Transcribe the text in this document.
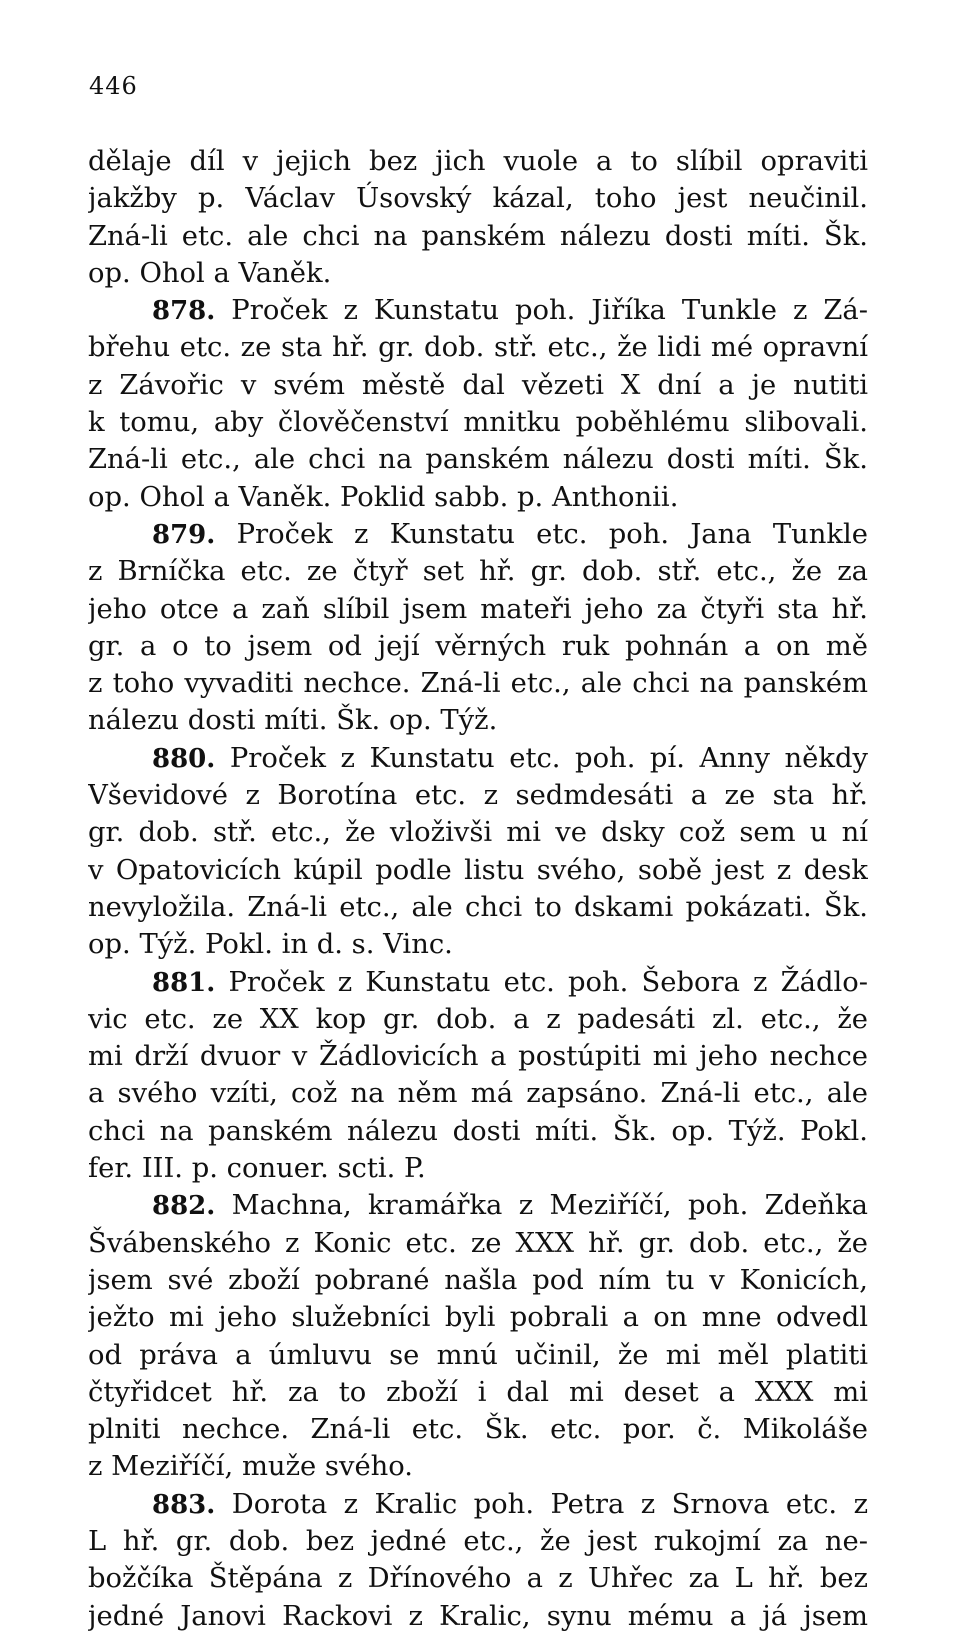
446
dělaje díl v jejich bez jich vuole a to slíbil opraviti
jakžby p. Václav Úsovský kázal, toho jest neučinil.
Zná-li etc. ale chci na panském nálezu dosti míti. Šk.
op. Ohol a Vaněk.
878. Proček z Kunstatu poh. Jiříka Tunkle z Zá-
břehu etc. ze sta hř. gr. dob. stř. etc., že lidi mé opravní
z Závořic v svém městě dal vězeti X dní a je nutiti
k tomu, aby člověčenství mnitku poběhlému slibovali.
Zná-li etc., ale chci na panském nálezu dosti míti. Šk.
op. Ohol a Vaněk. Poklid sabb. p. Anthonii.
879. Proček z Kunstatu etc. poh. Jana Tunkle
z Brníčka etc. ze čtyř set hř. gr. dob. stř. etc., že za
jeho otce a zaň slíbil jsem mateři jeho za čtyři sta hř.
gr. a o to jsem od její věrných ruk pohnán a on mě
z toho vyvaditi nechce. Zná-li etc., ale chci na panském
nálezu dosti míti. Šk. op. Týž.
880. Proček z Kunstatu etc. poh. pí. Anny někdy
Vševidové z Borotína etc. z sedmdesáti a ze sta hř.
gr. dob. stř. etc., že vloživši mi ve dsky což sem u ní
v Opatovicích kúpil podle listu svého, sobě jest z desk
nevyložila. Zná-li etc., ale chci to dskami pokázati. Šk.
op. Týž. Pokl. in d. s. Vinc.
881. Proček z Kunstatu etc. poh. Šebora z Žádlo-
vic etc. ze XX kop gr. dob. a z padesáti zl. etc., že
mi drží dvuor v Žádlovicích a postúpiti mi jeho nechce
a svého vzíti, což na něm má zapsáno. Zná-li etc., ale
chci na panském nálezu dosti míti. Šk. op. Týž. Pokl.
fer. III. p. conuer. scti. P.
882. Machna, kramářka z Meziříčí, poh. Zdeňka
Švábenského z Konic etc. ze XXX hř. gr. dob. etc., že
jsem své zboží pobrané našla pod ním tu v Konicích,
ježto mi jeho služebníci byli pobrali a on mne odvedl
od práva a úmluvu se mnú učinil, že mi měl platiti
čtyřidcet hř. za to zboží i dal mi deset a XXX mi
plniti nechce. Zná-li etc. Šk. etc. por. č. Mikoláše
z Meziříčí, muže svého.
883. Dorota z Kralic poh. Petra z Srnova etc. z
L hř. gr. dob. bez jedné etc., že jest rukojmí za ne-
božčíka Štěpána z Dřínového a z Uhřec za L hř. bez
jedné Janovi Rackovi z Kralic, synu mému a já jsem
